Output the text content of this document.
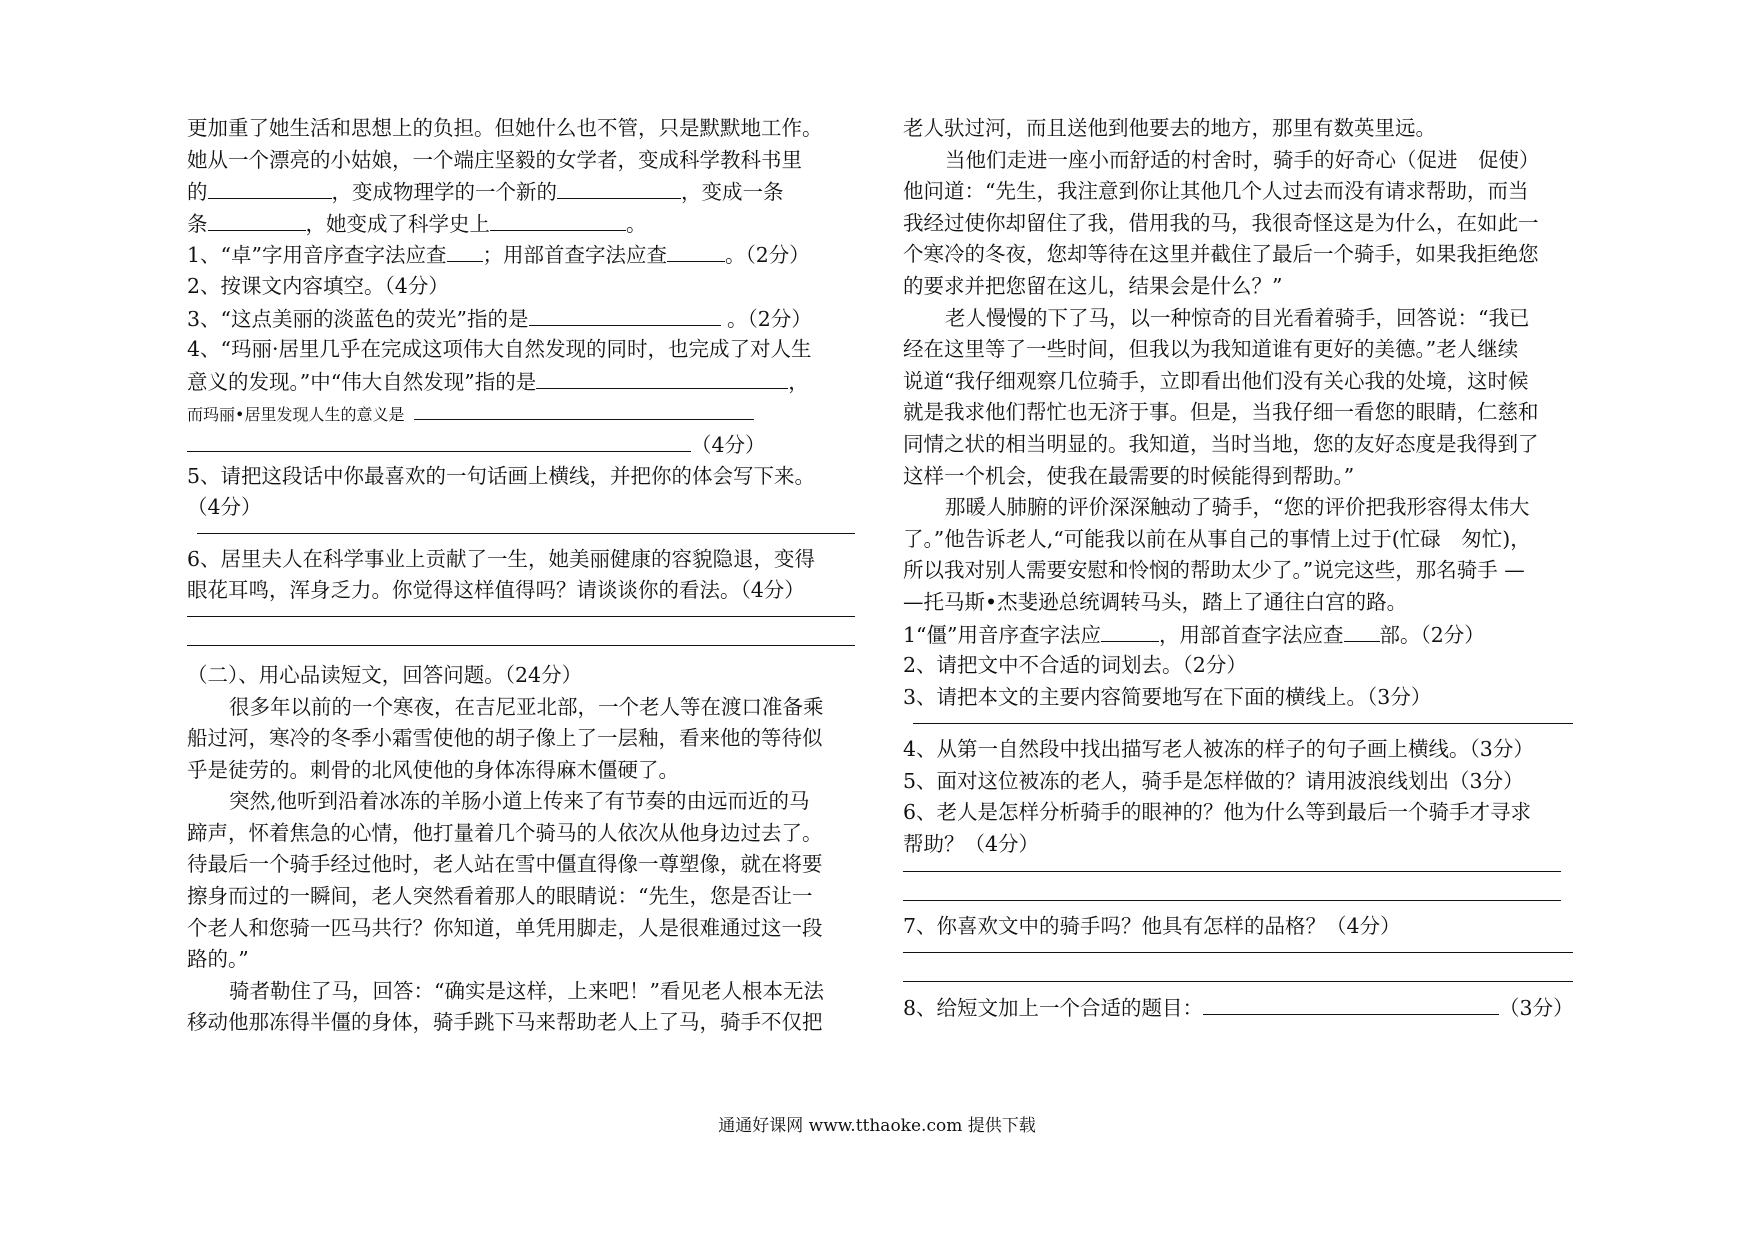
更加重了她生活和思想上的负担。但她什么也不管，只是默默地工作。
她从一个漂亮的小姑娘，一个端庄坚毅的女学者，变成科学教科书里
的	，变成物理学的一个新的	，变成一条
条	，她变成了科学史上	。
1、“卓”字用音序查字法应查 ；用部首查字法应查	。（2分）
2、按课文内容填空。（4分）
3、“这点美丽的淡蓝色的荧光”指的是	。（2分）
4、“玛丽·居里几乎在完成这项伟大自然发现的同时，也完成了对人生
意义的发现。”中“伟大自然发现”指的是	，
而玛丽•居里发现人生的意义是
（4分）
5、请把这段话中你最喜欢的一句话画上横线，并把你的体会写下来。
（4分）
6、居里夫人在科学事业上贡献了一生，她美丽健康的容貌隐退，变得
眼花耳鸣，浑身乏力。你觉得这样值得吗？请谈谈你的看法。（4分）
（二）、用心品读短文，回答问题。（24分）
很多年以前的一个寒夜，在吉尼亚北部，一个老人等在渡口准备乘
船过河，寒冷的冬季小霜雪使他的胡子像上了一层釉，看来他的等待似
乎是徒劳的。刺骨的北风使他的身体冻得麻木僵硬了。
突然,他听到沿着冰冻的羊肠小道上传来了有节奏的由远而近的马
蹄声，怀着焦急的心情，他打量着几个骑马的人依次从他身边过去了。
待最后一个骑手经过他时，老人站在雪中僵直得像一尊塑像，就在将要
擦身而过的一瞬间，老人突然看着那人的眼睛说：“先生，您是否让一
个老人和您骑一匹马共行？你知道，单凭用脚走，人是很难通过这一段
路的。”
骑者勒住了马，回答：“确实是这样，上来吧！”看见老人根本无法
移动他那冻得半僵的身体，骑手跳下马来帮助老人上了马，骑手不仅把
老人驮过河，而且送他到他要去的地方，那里有数英里远。
当他们走进一座小而舒适的村舍时，骑手的好奇心（促进　促使）
他问道：“先生，我注意到你让其他几个人过去而没有请求帮助，而当
我经过使你却留住了我，借用我的马，我很奇怪这是为什么，在如此一
个寒冷的冬夜，您却等待在这里并截住了最后一个骑手，如果我拒绝您
的要求并把您留在这儿，结果会是什么？”
老人慢慢的下了马，以一种惊奇的目光看着骑手，回答说：“我已
经在这里等了一些时间，但我以为我知道谁有更好的美德。”老人继续
说道“我仔细观察几位骑手，立即看出他们没有关心我的处境，这时候
就是我求他们帮忙也无济于事。但是，当我仔细一看您的眼睛，仁慈和
同情之状的相当明显的。我知道，当时当地，您的友好态度是我得到了
这样一个机会，使我在最需要的时候能得到帮助。”
那暖人肺腑的评价深深触动了骑手，“您的评价把我形容得太伟大
了。”他告诉老人,“可能我以前在从事自己的事情上过于(忙碌　匆忙)，
所以我对别人需要安慰和怜悯的帮助太少了。”说完这些，那名骑手 —
—托马斯•杰斐逊总统调转马头，踏上了通往白宫的路。
1“僵”用音序查字法应	，用部首查字法应查 部。（2分）
2、请把文中不合适的词划去。（2分）
3、请把本文的主要内容简要地写在下面的横线上。（3分）
4、从第一自然段中找出描写老人被冻的样子的句子画上横线。（3分）
5、面对这位被冻的老人，骑手是怎样做的？请用波浪线划出（3分）
6、老人是怎样分析骑手的眼神的？他为什么等到最后一个骑手才寻求
帮助？（4分）
7、你喜欢文中的骑手吗？他具有怎样的品格？（4分）
8、给短文加上一个合适的题目：	（3分）
通通好课网 www.tthaoke.com 提供下载
